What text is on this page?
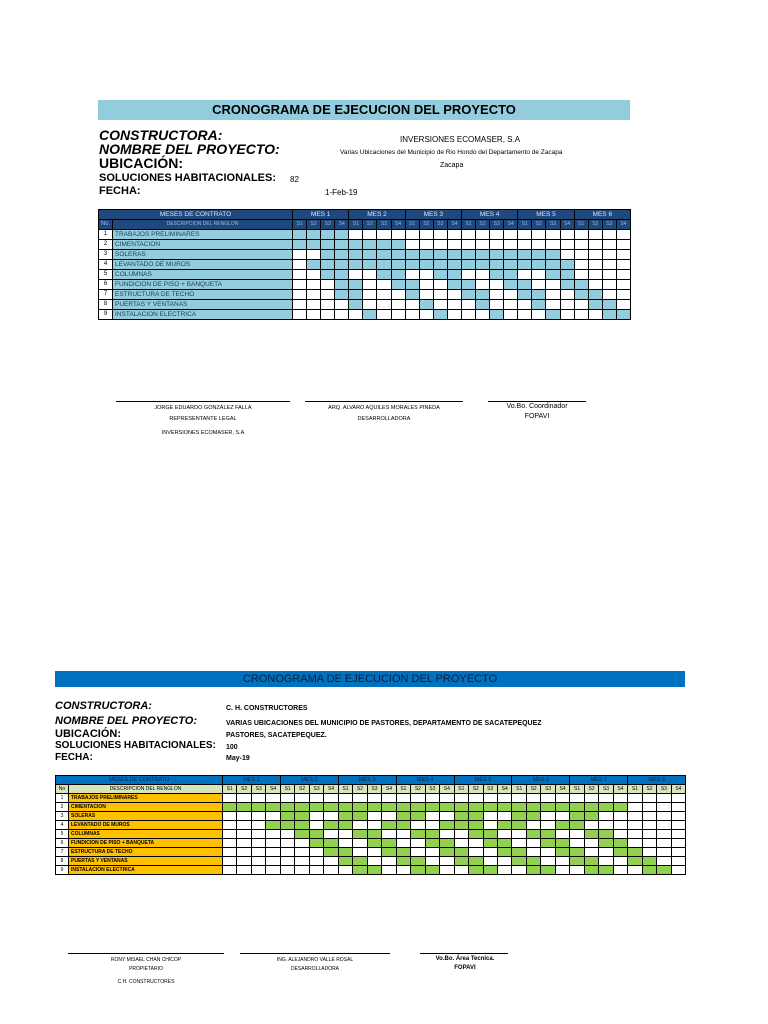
CRONOGRAMA DE EJECUCION DEL PROYECTO
CONSTRUCTORA:	INVERSIONES ECOMASER, S.A
NOMBRE DEL PROYECTO:	Varias Ubicaciones del Municipio de Rio Hondo del Departamento de Zacapa
UBICACIÓN:	Zacapa
SOLUCIONES HABITACIONALES: 82
FECHA:	1-Feb-19
MESES DE CONTRATO		MES 1				MES 2				MES 3				MES 4				MES 5				MES 6			
No.	DESCRIPCION DEL RENGLON	S1	S2	S3	S4	S1	S2	S3	S4	S1	S2	S3	S4	S1	S2	S3	S4	S1	S2	S3	S4	S1	S2	S3	S4
1	TRABAJOS PRELIMINARES																								
2	CIMENTACION																								
3	SOLERAS																								
4	LEVANTADO DE MUROS																								
5	COLUMNAS																								
6	FUNDICION DE PISO + BANQUETA																								
7	ESTRUCTURA DE TECHO																								
8	PUERTAS Y VENTANAS																								
9	INSTALACION ELECTRICA																								
JORGE EDUARDO GONZÁLEZ FALLA
REPRESENTANTE LEGAL
INVERSIONES ECOMASER, S.A
ARQ. ALVARO AQUILES MORALES PINEDA
DESARROLLADORA
Vo.Bo. Coordinador
FOPAVI
CRONOGRAMA DE EJECUCION DEL PROYECTO
CONSTRUCTORA:	C. H. CONSTRUCTORES
NOMBRE DEL PROYECTO:	VARIAS UBICACIONES DEL MUNICIPIO DE PASTORES, DEPARTAMENTO DE SACATEPEQUEZ
UBICACIÓN:	PASTORES, SACATEPEQUEZ.
SOLUCIONES HABITACIONALES: 100
FECHA:	May-19
MESES DE CONTRATO		MES 1				MES 2				MES 3				MES 4				MES 5				MES 6				MES 7				MES 8			
No	DESCRIPCION DEL RENGLON	S1	S2	S3	S4	S1	S2	S3	S4	S1	S2	S3	S4	S1	S2	S3	S4	S1	S2	S3	S4	S1	S2	S3	S4	S1	S2	S3	S4	S1	S2	S3	S4
1	TRABAJOS PRELIMINARES																																
2	CIMENTACION																																
3	SOLERAS																																
4	LEVANTADO DE MUROS																																
5	COLUMNAS																																
6	FUNDICION DE PISO + BANQUETA																																
7	ESTRUCTURA DE TECHO																																
8	PUERTAS Y VENTANAS																																
9	INSTALACION ELECTRICA																																
RONY MISAEL CHAN CHICOP
PROPIETARIO
C.H. CONSTRUCTORES
ING. ALEJANDRO VALLE ROSAL
DESARROLLADORA
Vo.Bo. Área Tecnica.
FOPAVI
